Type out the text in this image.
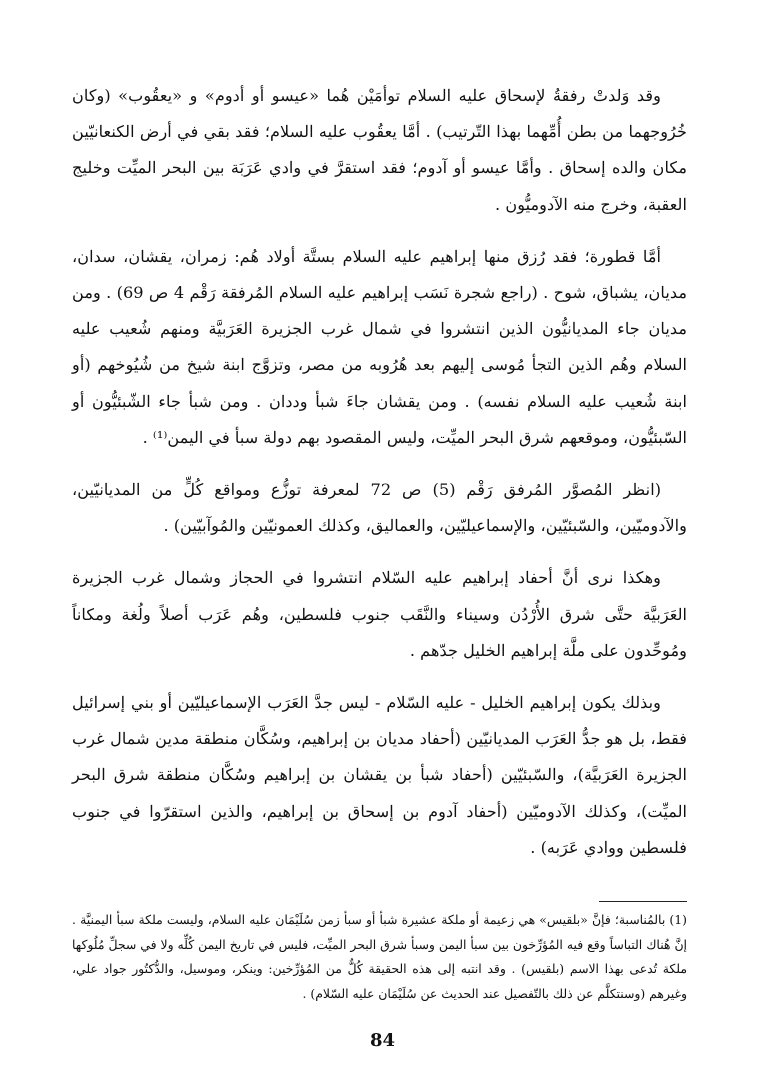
وقد وَلدتْ رفقةُ لإسحاق عليه السلام توأمَيْن هُما «عيسو أو أدوم» و «يعقُوب» (وكان خُرُوجهما من بطن أُمِّهما بهذا التّرتيب) . أمَّا يعقُوب عليه السلام؛ فقد بقي في أرض الكنعانيّين مكان والده إسحاق . وأمَّا عيسو أو آدوم؛ فقد استقرَّ في وادي عَرَبَة بين البحر الميِّت وخليج العقبة، وخرج منه الآدوميُّون .

أمَّا قطورة؛ فقد رُزق منها إبراهيم عليه السلام بستَّة أولاد هُم: زمران، يقشان، سدان، مديان، يشباق، شوح . (راجع شجرة نَسَب إبراهيم عليه السلام المُرفقة رَقْم 4 ص 69) . ومن مديان جاء المديانيُّون الذين انتشروا في شمال غرب الجزيرة العَرَبيَّة ومنهم شُعيب عليه السلام وهُم الذين التجأ مُوسى إليهم بعد هُرُوبه من مصر، وتزوَّج ابنة شيخ من شُيُوخهم (أو ابنة شُعيب عليه السلام نفسه) . ومن يقشان جاءَ شبأ وددان . ومن شبأ جاء الشّبئيُّون أو السّبئيُّون، وموقعهم شرق البحر الميِّت، وليس المقصود بهم دولة سبأ في اليمن⁽¹⁾ .

(انظر المُصوَّر المُرفق رَقْم (5) ص 72 لمعرفة توزُّع ومواقع كُلٍّ من المديانيّين، والآدوميّين، والسّبئيّين، والإسماعيليّين، والعماليق، وكذلك العمونيّين والمُوآبيّين) .

وهكذا نرى أنَّ أحفاد إبراهيم عليه السّلام انتشروا في الحجاز وشمال غرب الجزيرة العَرَبيَّة حتَّى شرق الأُرْدُن وسيناء والنَّقَب جنوب فلسطين، وهُم عَرَب أصلاً ولُغة ومكاناً ومُوحِّدون على ملَّة إبراهيم الخليل جدّهم .

وبذلك يكون إبراهيم الخليل - عليه السّلام - ليس جدَّ العَرَب الإسماعيليّين أو بني إسرائيل فقط، بل هو جدُّ العَرَب المديانيّين (أحفاد مديان بن إبراهيم، وسُكَّان منطقة مدين شمال غرب الجزيرة العَرَبيَّة)، والسّبئيّين (أحفاد شبأ بن يقشان بن إبراهيم وسُكَّان منطقة شرق البحر الميِّت)، وكذلك الآدوميّين (أحفاد آدوم بن إسحاق بن إبراهيم، والذين استقرّوا في جنوب فلسطين ووادي عَرَبه) .

(1) بالمُناسبة؛ فإنَّ «بلقيس» هي زعيمة أو ملكة عشيرة شبأ أو سبأ زمن سُلَيْمَان عليه السلام، وليست ملكة سبأ اليمنيَّة . إنَّ هُناك التباساً وقع فيه المُؤرِّخون بين سبأ اليمن وسبأ شرق البحر الميِّت، فليس في تاريخ اليمن كُلِّه ولا في سجلِّ مُلُوكها ملكة تُدعى بهذا الاسم (بلقيس) . وقد انتبه إلى هذه الحقيقة كُلٌّ من المُؤرِّخين: وينكر، وموسيل، والدُّكتُور جواد علي، وغيرهم (وسنتكلَّم عن ذلك بالتّفصيل عند الحديث عن سُلَيْمَان عليه السّلام) .

84
